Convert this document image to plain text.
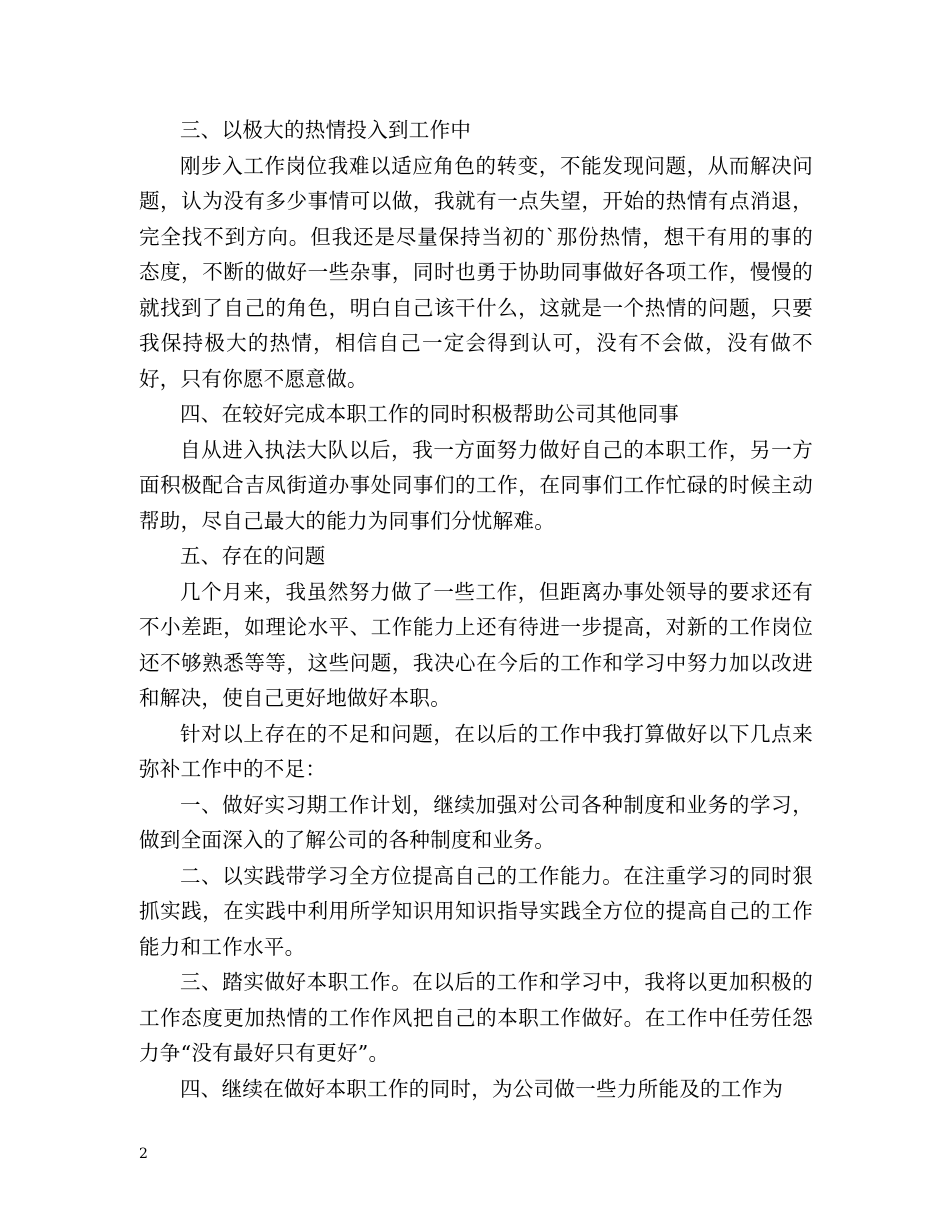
三、以极大的热情投入到工作中

刚步入工作岗位我难以适应角色的转变，不能发现问题，从而解决问题，认为没有多少事情可以做，我就有一点失望，开始的热情有点消退，完全找不到方向。但我还是尽量保持当初的`那份热情，想干有用的事的态度，不断的做好一些杂事，同时也勇于协助同事做好各项工作，慢慢的就找到了自己的角色，明白自己该干什么，这就是一个热情的问题，只要我保持极大的热情，相信自己一定会得到认可，没有不会做，没有做不好，只有你愿不愿意做。

四、在较好完成本职工作的同时积极帮助公司其他同事

自从进入执法大队以后，我一方面努力做好自己的本职工作，另一方面积极配合吉凤街道办事处同事们的工作，在同事们工作忙碌的时候主动帮助，尽自己最大的能力为同事们分忧解难。

五、存在的问题

几个月来，我虽然努力做了一些工作，但距离办事处领导的要求还有不小差距，如理论水平、工作能力上还有待进一步提高，对新的工作岗位还不够熟悉等等，这些问题，我决心在今后的工作和学习中努力加以改进和解决，使自己更好地做好本职。

针对以上存在的不足和问题，在以后的工作中我打算做好以下几点来弥补工作中的不足：

一、做好实习期工作计划，继续加强对公司各种制度和业务的学习，做到全面深入的了解公司的各种制度和业务。

二、以实践带学习全方位提高自己的工作能力。在注重学习的同时狠抓实践，在实践中利用所学知识用知识指导实践全方位的提高自己的工作能力和工作水平。

三、踏实做好本职工作。在以后的工作和学习中，我将以更加积极的工作态度更加热情的工作作风把自己的本职工作做好。在工作中任劳任怨力争“没有最好只有更好”。

四、继续在做好本职工作的同时，为公司做一些力所能及的工作为

2
